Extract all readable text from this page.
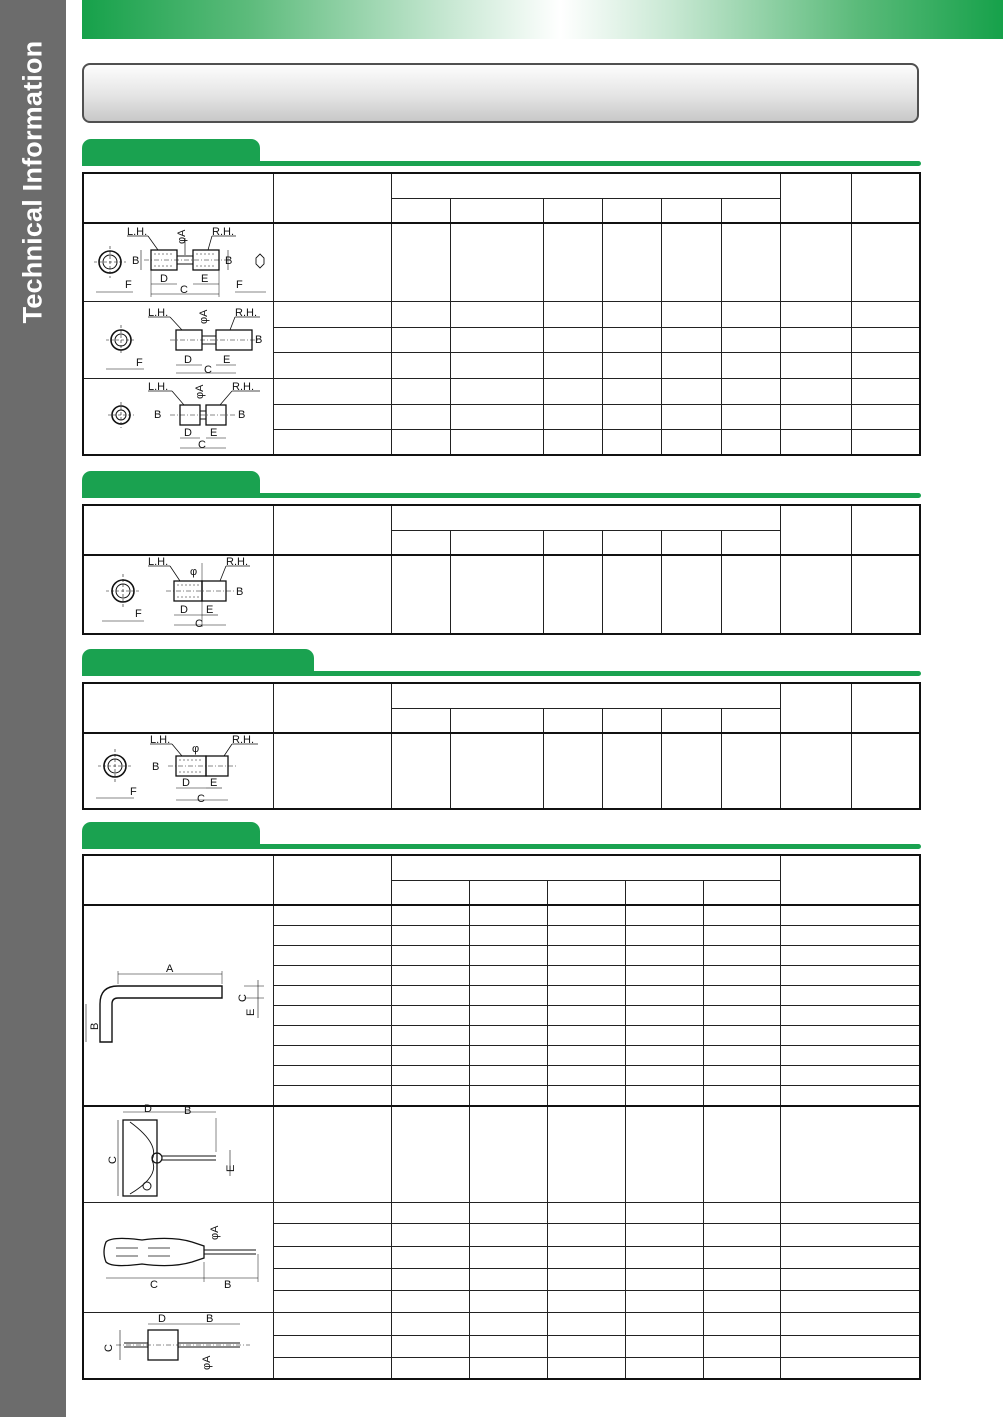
Technical Information	L.H.	R.H.
φA
B	B
D	E
C
F	F
L.H.	R.H.
φA
B
D	E
C
F
L.H.	R.H.
φA
B	B
D E
C
L.H.	R.H.
φ
B
D E
C
F
L.H.	R.H.
φ
B
D E
C
F
A
B
E
C
D	B
C
E
φA
C	B
D	B
C
φA
